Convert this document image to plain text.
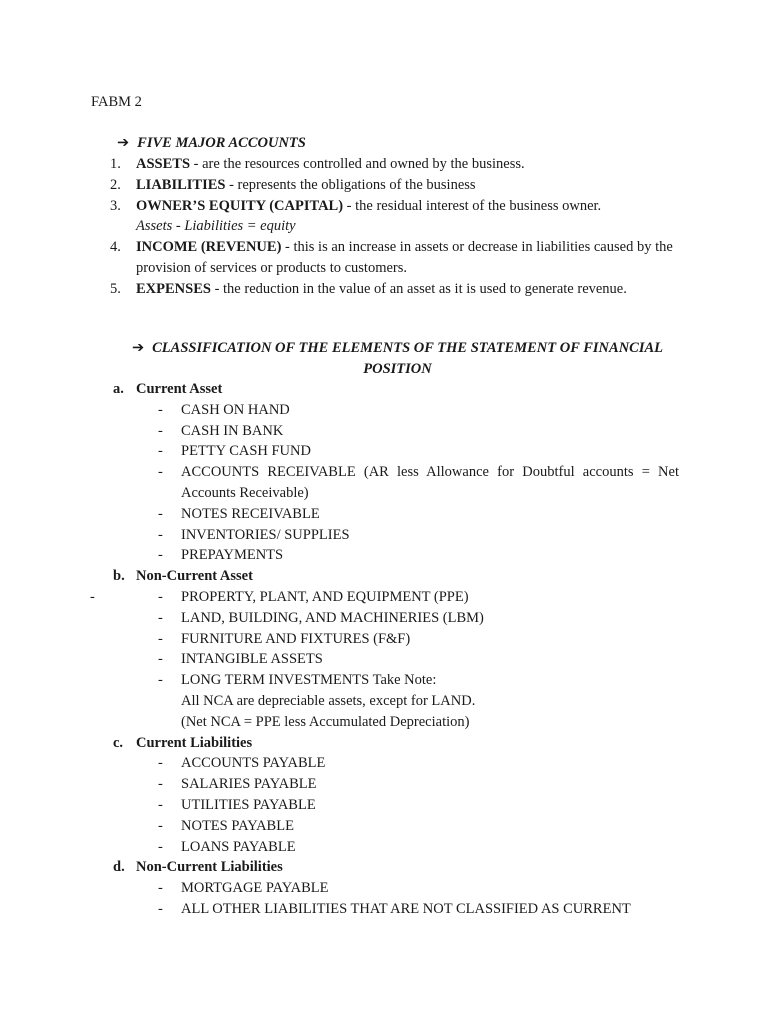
FABM 2
➔ FIVE MAJOR ACCOUNTS
1. ASSETS - are the resources controlled and owned by the business.
2. LIABILITIES - represents the obligations of the business
3. OWNER’S EQUITY (CAPITAL) - the residual interest of the business owner.
Assets - Liabilities = equity
4. INCOME (REVENUE) - this is an increase in assets or decrease in liabilities caused by the provision of services or products to customers.
5. EXPENSES - the reduction in the value of an asset as it is used to generate revenue.
➔ CLASSIFICATION OF THE ELEMENTS OF THE STATEMENT OF FINANCIAL POSITION
a. Current Asset
- CASH ON HAND
- CASH IN BANK
- PETTY CASH FUND
- ACCOUNTS RECEIVABLE (AR less Allowance for Doubtful accounts = Net Accounts Receivable)
- NOTES RECEIVABLE
- INVENTORIES/ SUPPLIES
- PREPAYMENTS
b. Non-Current Asset
-	- PROPERTY, PLANT, AND EQUIPMENT (PPE)
- LAND, BUILDING, AND MACHINERIES (LBM)
- FURNITURE AND FIXTURES (F&F)
- INTANGIBLE ASSETS
- LONG TERM INVESTMENTS Take Note:
All NCA are depreciable assets, except for LAND.
(Net NCA = PPE less Accumulated Depreciation)
c. Current Liabilities
- ACCOUNTS PAYABLE
- SALARIES PAYABLE
- UTILITIES PAYABLE
- NOTES PAYABLE
- LOANS PAYABLE
d. Non-Current Liabilities
- MORTGAGE PAYABLE
- ALL OTHER LIABILITIES THAT ARE NOT CLASSIFIED AS CURRENT
